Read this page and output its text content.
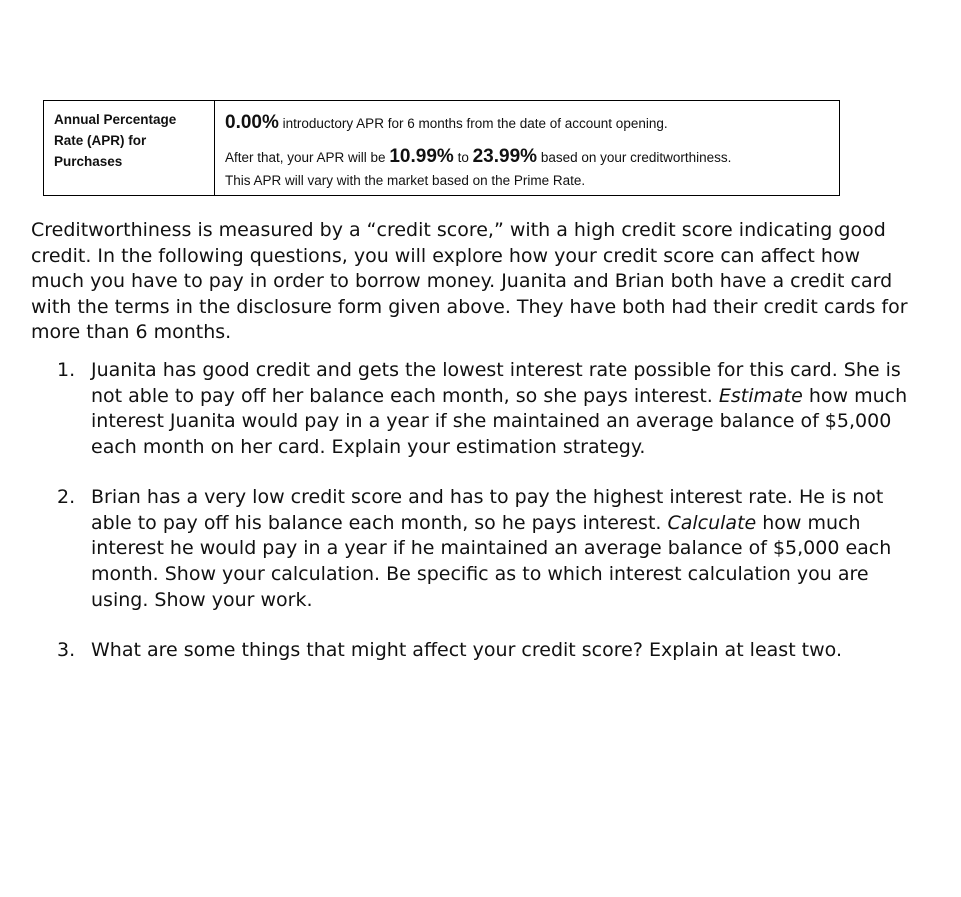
Annual Percentage
Rate (APR) for
Purchases
0.00% introductory APR for 6 months from the date of account opening.
After that, your APR will be 10.99% to 23.99% based on your creditworthiness.
This APR will vary with the market based on the Prime Rate.
Creditworthiness is measured by a “credit score,” with a high credit score indicating good
credit. In the following questions, you will explore how your credit score can affect how
much you have to pay in order to borrow money. Juanita and Brian both have a credit card
with the terms in the disclosure form given above. They have both had their credit cards for
more than 6 months.
1. Juanita has good credit and gets the lowest interest rate possible for this card. She is
not able to pay off her balance each month, so she pays interest. Estimate how much
interest Juanita would pay in a year if she maintained an average balance of $5,000
each month on her card. Explain your estimation strategy.
2. Brian has a very low credit score and has to pay the highest interest rate. He is not
able to pay off his balance each month, so he pays interest. Calculate how much
interest he would pay in a year if he maintained an average balance of $5,000 each
month. Show your calculation. Be specific as to which interest calculation you are
using. Show your work.
3. What are some things that might affect your credit score? Explain at least two.
